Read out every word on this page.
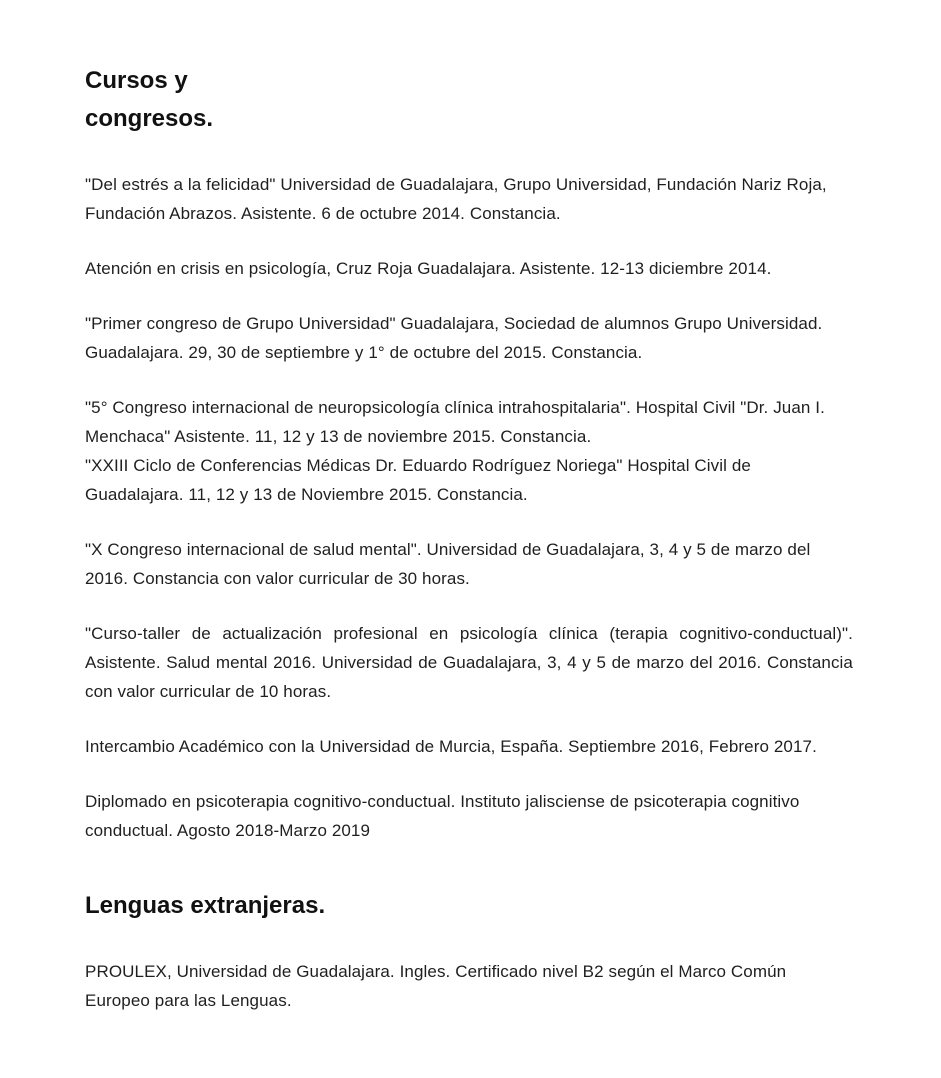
Cursos y
congresos.

"Del estrés a la felicidad" Universidad de Guadalajara, Grupo Universidad, Fundación Nariz Roja, Fundación Abrazos. Asistente. 6 de octubre 2014. Constancia.

Atención en crisis en psicología, Cruz Roja Guadalajara. Asistente. 12-13 diciembre 2014.

"Primer congreso de Grupo Universidad" Guadalajara, Sociedad de alumnos Grupo Universidad. Guadalajara. 29, 30 de septiembre y 1° de octubre del 2015. Constancia.

"5° Congreso internacional de neuropsicología clínica intrahospitalaria". Hospital Civil "Dr. Juan I. Menchaca" Asistente. 11, 12 y 13 de noviembre 2015. Constancia.

"XXIII Ciclo de Conferencias Médicas Dr. Eduardo Rodríguez Noriega" Hospital Civil de Guadalajara. 11, 12 y 13 de Noviembre 2015. Constancia.

"X Congreso internacional de salud mental". Universidad de Guadalajara, 3, 4 y 5 de marzo del 2016. Constancia con valor curricular de 30 horas.

"Curso-taller de actualización profesional en psicología clínica (terapia cognitivo-conductual)". Asistente. Salud mental 2016. Universidad de Guadalajara, 3, 4 y 5 de marzo del 2016. Constancia con valor curricular de 10 horas.

Intercambio Académico con la Universidad de Murcia, España. Septiembre 2016, Febrero 2017.

Diplomado en psicoterapia cognitivo-conductual. Instituto jalisciense de psicoterapia cognitivo conductual. Agosto 2018-Marzo 2019

Lenguas extranjeras.

PROULEX, Universidad de Guadalajara. Ingles. Certificado nivel B2 según el Marco Común Europeo para las Lenguas.
